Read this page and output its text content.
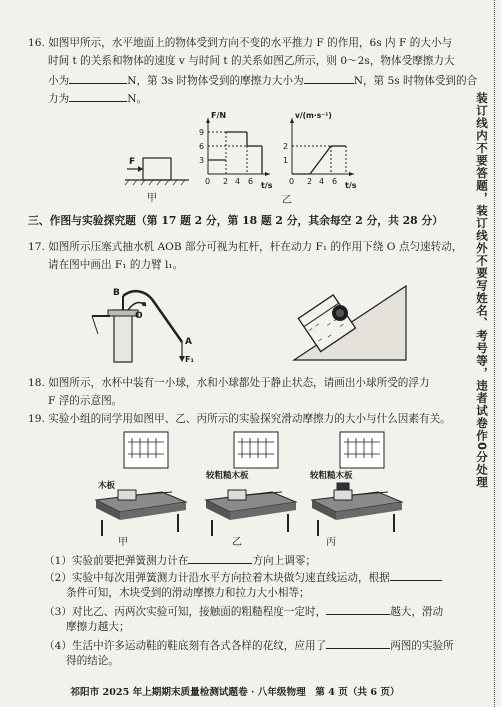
16. 如图甲所示，水平地面上的物体受到方向不变的水平推力 F 的作用，6s 内 F 的大小与
时间 t 的关系和物体的速度 v 与时间 t 的关系如图乙所示，则 0～2s，物体受摩擦力大
小为	N，第 3s 时物体受到的摩擦力大小为	N，第 5s 时物体受到的合
力为	N。
F
甲
F/N
9
6
3
0 2 4 6 t/s
v/(m·s⁻¹)
2
1
0 2 4 6 t/s
乙
三、作图与实验探究题（第 17 题 2 分，第 18 题 2 分，其余每空 2 分，共 28 分）
17. 如图所示压塞式抽水机 AOB 部分可视为杠杆，杆在动力 F₁ 的作用下绕 O 点匀速转动，
请在图中画出 F₁ 的力臂 l₁。
B
O
A
F₁
18. 如图所示，水杯中装有一小球，水和小球都处于静止状态，请画出小球所受的浮力
F 浮的示意图。
19. 实验小组的同学用如图甲、乙、丙所示的实验探究滑动摩擦力的大小与什么因素有关。
木板
较粗糙木板	较粗糙木板
甲	乙	丙
（1）实验前要把弹簧测力计在	方向上调零；
（2）实验中每次用弹簧测力计沿水平方向拉着木块做匀速直线运动，根据
条件可知，木块受到的滑动摩擦力和拉力大小相等；
（3）对比乙、丙两次实验可知，接触面的粗糙程度一定时，	越大，滑动
摩擦力越大；
（4）生活中许多运动鞋的鞋底刻有各式各样的花纹，应用了	两图的实验所
得的结论。
祁阳市 2025 年上期期末质量检测试题卷 · 八年级物理　第 4 页（共 6 页）
装订线内不要答题，装订线外不要写姓名、考号等，违者试卷作0分处理
